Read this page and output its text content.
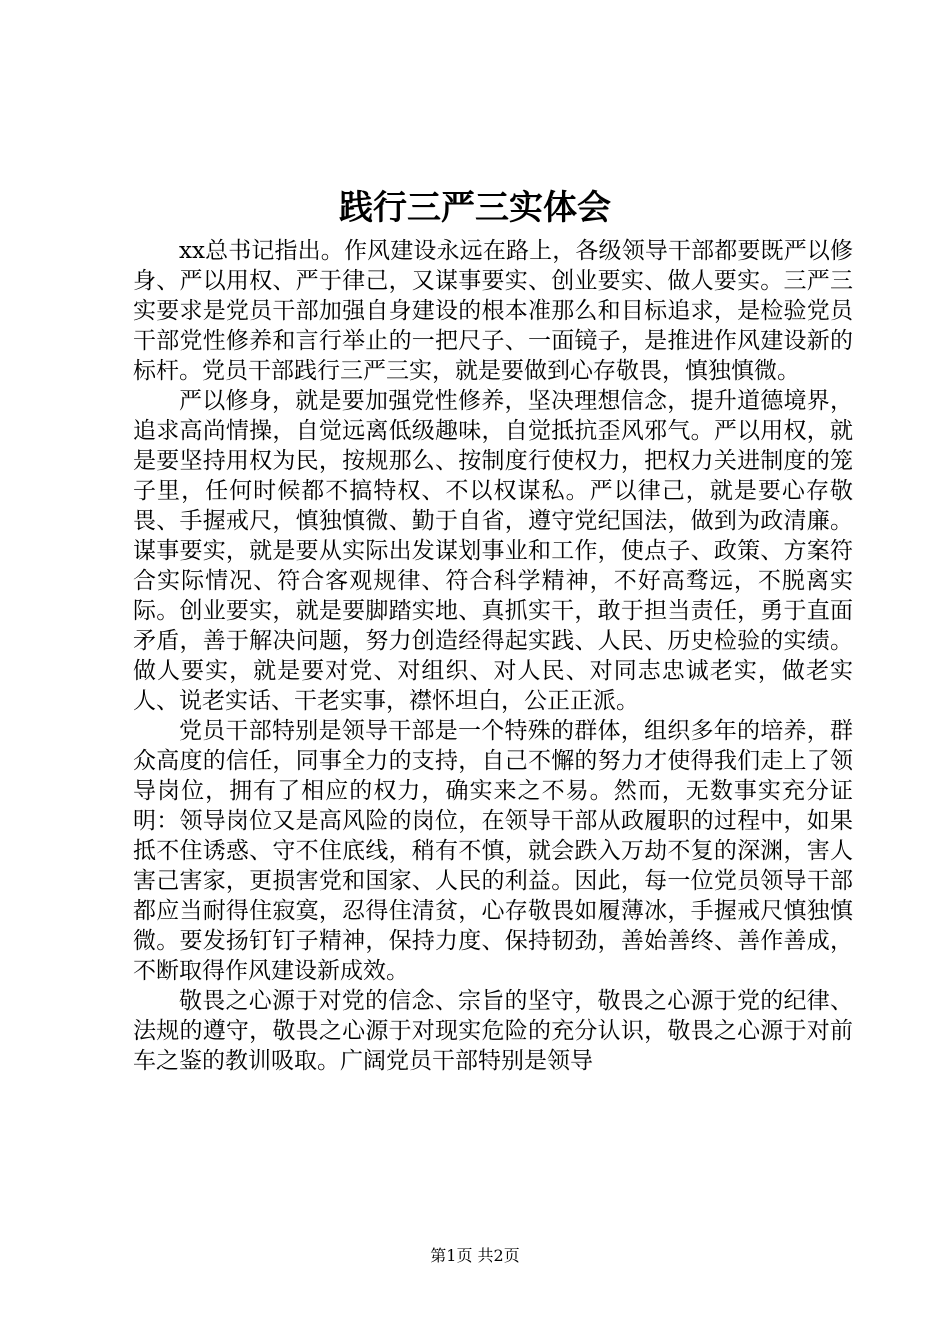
践行三严三实体会

xx总书记指出。作风建设永远在路上，各级领导干部都要既严以修身、严以用权、严于律己，又谋事要实、创业要实、做人要实。三严三实要求是党员干部加强自身建设的根本准那么和目标追求，是检验党员干部党性修养和言行举止的一把尺子、一面镜子，是推进作风建设新的标杆。党员干部践行三严三实，就是要做到心存敬畏，慎独慎微。

严以修身，就是要加强党性修养，坚决理想信念，提升道德境界，追求高尚情操，自觉远离低级趣味，自觉抵抗歪风邪气。严以用权，就是要坚持用权为民，按规那么、按制度行使权力，把权力关进制度的笼子里，任何时候都不搞特权、不以权谋私。严以律己，就是要心存敬畏、手握戒尺，慎独慎微、勤于自省，遵守党纪国法，做到为政清廉。谋事要实，就是要从实际出发谋划事业和工作，使点子、政策、方案符合实际情况、符合客观规律、符合科学精神，不好高骛远，不脱离实际。创业要实，就是要脚踏实地、真抓实干，敢于担当责任，勇于直面矛盾，善于解决问题，努力创造经得起实践、人民、历史检验的实绩。做人要实，就是要对党、对组织、对人民、对同志忠诚老实，做老实人、说老实话、干老实事，襟怀坦白，公正正派。

党员干部特别是领导干部是一个特殊的群体，组织多年的培养，群众高度的信任，同事全力的支持，自己不懈的努力才使得我们走上了领导岗位，拥有了相应的权力，确实来之不易。然而，无数事实充分证明：领导岗位又是高风险的岗位，在领导干部从政履职的过程中，如果抵不住诱惑、守不住底线，稍有不慎，就会跌入万劫不复的深渊，害人害己害家，更损害党和国家、人民的利益。因此，每一位党员领导干部都应当耐得住寂寞，忍得住清贫，心存敬畏如履薄冰，手握戒尺慎独慎微。要发扬钉钉子精神，保持力度、保持韧劲，善始善终、善作善成，不断取得作风建设新成效。

敬畏之心源于对党的信念、宗旨的坚守，敬畏之心源于党的纪律、法规的遵守，敬畏之心源于对现实危险的充分认识，敬畏之心源于对前车之鉴的教训吸取。广阔党员干部特别是领导

第1页 共2页
